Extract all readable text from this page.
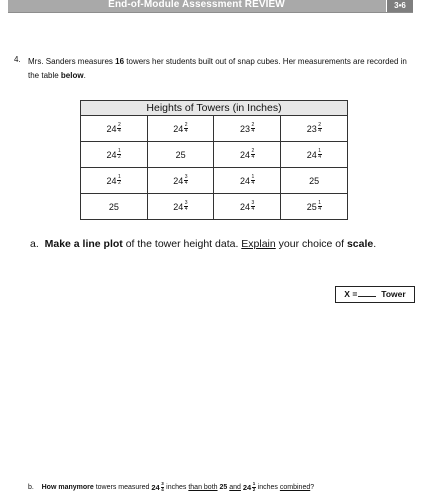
End-of-Module Assessment REVIEW	3•6
4. Mrs. Sanders measures 16 towers her students built out of snap cubes. Her measurements are recorded in the table below.
Heights of Towers (in Inches)			

$24 \frac{2}{4}$	$24 \frac{2}{4}$	$23 \frac{2}{4}$	$23 \frac{2}{4}$

$24 \frac{1}{2}$	25	$24 \frac{2}{4}$	$24 \frac{1}{4}$

$24 \frac{1}{2}$	$24 \frac{3}{4}$	$24 \frac{1}{4}$	25
25	$24 \frac{3}{4}$	$24 \frac{3}{4}$	$25 \frac{1}{4}$
a. Make a line plot of the tower height data. Explain your choice of scale.
X =	Tower
b.
How many more towers measured $24 \frac{3}{4}$ inches than both
25
and
$24 \frac{1}{2}$ inches combined ?
